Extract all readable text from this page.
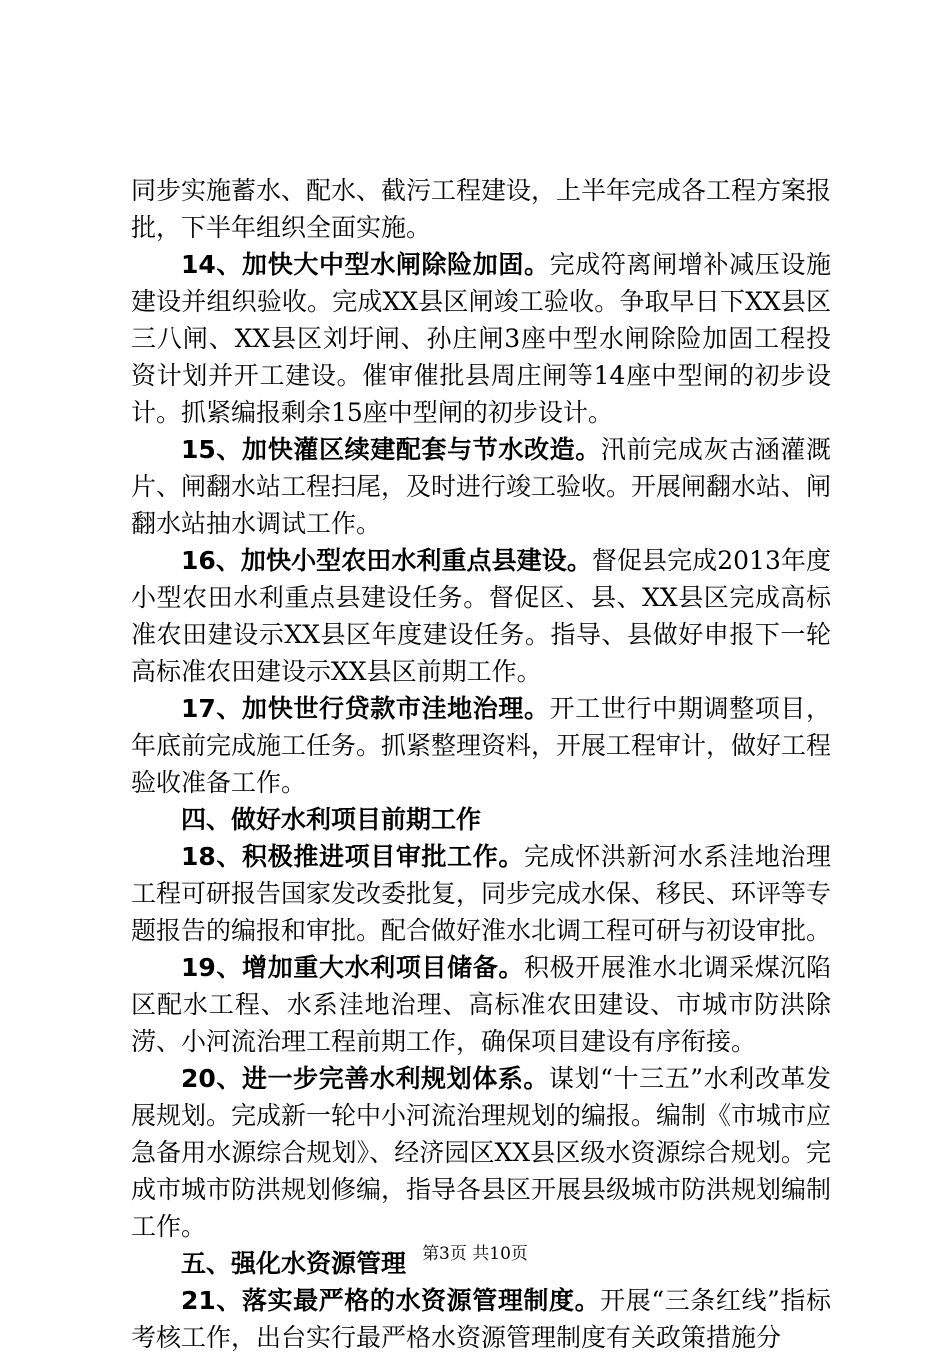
同步实施蓄水、配水、截污工程建设，上半年完成各工程方案报批，下半年组织全面实施。

14、加快大中型水闸除险加固。完成符离闸增补减压设施建设并组织验收。完成XX县区闸竣工验收。争取早日下XX县区三八闸、XX县区刘圩闸、孙庄闸3座中型水闸除险加固工程投资计划并开工建设。催审催批县周庄闸等14座中型闸的初步设计。抓紧编报剩余15座中型闸的初步设计。

15、加快灌区续建配套与节水改造。汛前完成灰古涵灌溉片、闸翻水站工程扫尾，及时进行竣工验收。开展闸翻水站、闸翻水站抽水调试工作。

16、加快小型农田水利重点县建设。督促县完成2013年度小型农田水利重点县建设任务。督促区、县、XX县区完成高标准农田建设示XX县区年度建设任务。指导、县做好申报下一轮高标准农田建设示XX县区前期工作。

17、加快世行贷款市洼地治理。开工世行中期调整项目，年底前完成施工任务。抓紧整理资料，开展工程审计，做好工程验收准备工作。

四、做好水利项目前期工作

18、积极推进项目审批工作。完成怀洪新河水系洼地治理工程可研报告国家发改委批复，同步完成水保、移民、环评等专题报告的编报和审批。配合做好淮水北调工程可研与初设审批。

19、增加重大水利项目储备。积极开展淮水北调采煤沉陷区配水工程、水系洼地治理、高标准农田建设、市城市防洪除涝、小河流治理工程前期工作，确保项目建设有序衔接。

20、进一步完善水利规划体系。谋划“十三五”水利改革发展规划。完成新一轮中小河流治理规划的编报。编制《市城市应急备用水源综合规划》、经济园区XX县区级水资源综合规划。完成市城市防洪规划修编，指导各县区开展县级城市防洪规划编制工作。

五、强化水资源管理

21、落实最严格的水资源管理制度。开展“三条红线”指标考核工作，出台实行最严格水资源管理制度有关政策措施分

第3页 共10页
